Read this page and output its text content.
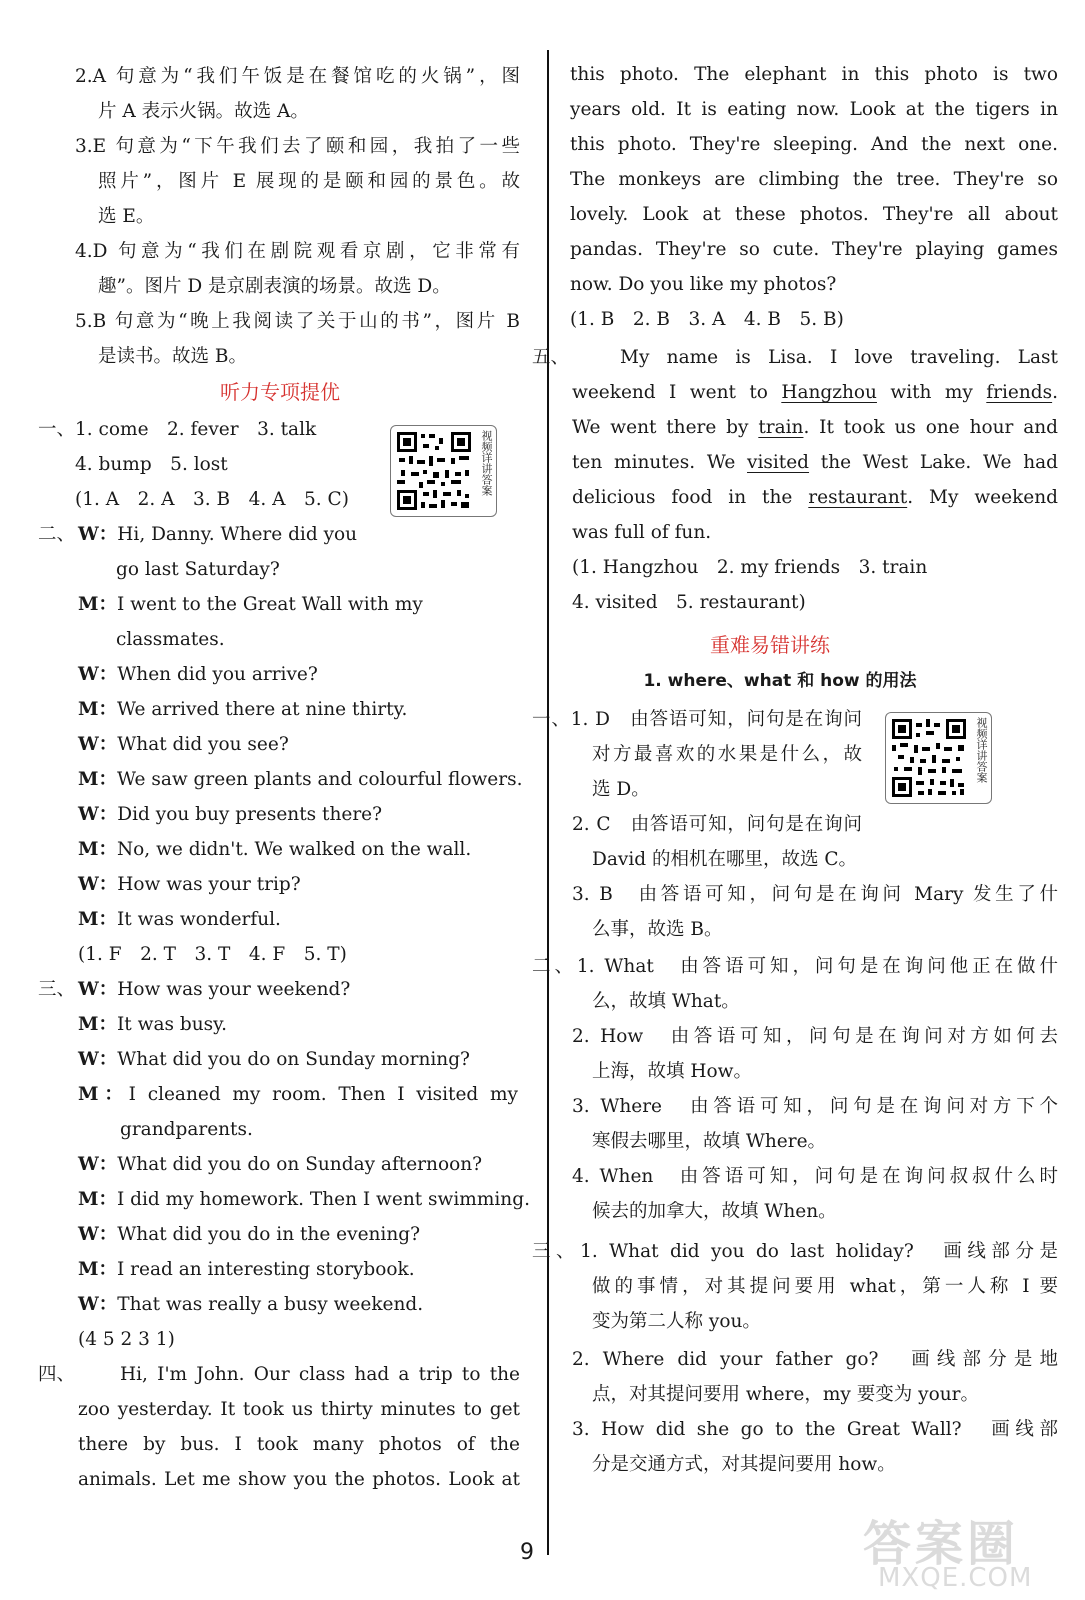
2.A 句意为“我们午饭是在餐馆吃的火锅”，图
片 A 表示火锅。故选 A。
3.E 句意为“下午我们去了颐和园，我拍了一些
照片”，图片 E 展现的是颐和园的景色。故
选 E。
4.D 句意为“我们在剧院观看京剧，它非常有
趣”。图片 D 是京剧表演的场景。故选 D。
5.B 句意为“晚上我阅读了关于山的书”，图片 B
是读书。故选 B。
听力专项提优
一、1. come　2. fever　3. talk
4. bump　5. lost
(1. A　2. A　3. B　4. A　5. C)
视频详讲答案
二、 W：Hi, Danny. Where did you
go last Saturday?
M：I went to the Great Wall with my
classmates.
W：When did you arrive?
M：We arrived there at nine thirty.
W：What did you see?
M：We saw green plants and colourful flowers.
W：Did you buy presents there?
M：No, we didn't. We walked on the wall.
W：How was your trip?
M：It was wonderful.
(1. F　2. T　3. T　4. F　5. T)
三、 W：How was your weekend?
M：It was busy.
W：What did you do on Sunday morning?
M：I cleaned my room. Then I visited my
grandparents.
W：What did you do on Sunday afternoon?
M：I did my homework. Then I went swimming.
W：What did you do in the evening?
M：I read an interesting storybook.
W：That was really a busy weekend.
(4 5 2 3 1)
四、 Hi, I'm John. Our class had a trip to the
zoo yesterday. It took us thirty minutes to get
there by bus. I took many photos of the
animals. Let me show you the photos. Look at
this photo. The elephant in this photo is two
years old. It is eating now. Look at the tigers in
this photo. They're sleeping. And the next one.
The monkeys are climbing the tree. They're so
lovely. Look at these photos. They're all about
pandas. They're so cute. They're playing games
now. Do you like my photos?
(1. B　2. B　3. A　4. B　5. B)
五、	My name is Lisa. I love traveling. Last
weekend I went to Hangzhou with my friends.
We went there by train. It took us one hour and
ten minutes. We visited the West Lake. We had
delicious food in the restaurant. My weekend
was full of fun.
(1. Hangzhou　2. my friends　3. train
4. visited　5. restaurant)
重难易错讲练
1. where、what 和 how 的用法
视频详讲答案
一、1. D　由答语可知，问句是在询问
对方最喜欢的水果是什么，故
选 D。
2. C　由答语可知，问句是在询问
David 的相机在哪里，故选 C。
3. B　由答语可知，问句是在询问 Mary 发生了什
么事，故选 B。
二、1. What　由答语可知，问句是在询问他正在做什
么，故填 What。
2. How　由答语可知，问句是在询问对方如何去
上海，故填 How。
3. Where　由答语可知，问句是在询问对方下个
寒假去哪里，故填 Where。
4. When　由答语可知，问句是在询问叔叔什么时
候去的加拿大，故填 When。
三、1. What did you do last holiday?　画线部分是
做的事情，对其提问要用 what，第一人称 I 要
变为第二人称 you。
2. Where did your father go?　画线部分是地
点，对其提问要用 where，my 要变为 your。
3. How did she go to the Great Wall?　画线部
分是交通方式，对其提问要用 how。
9	答案圈
MXQE.COM
